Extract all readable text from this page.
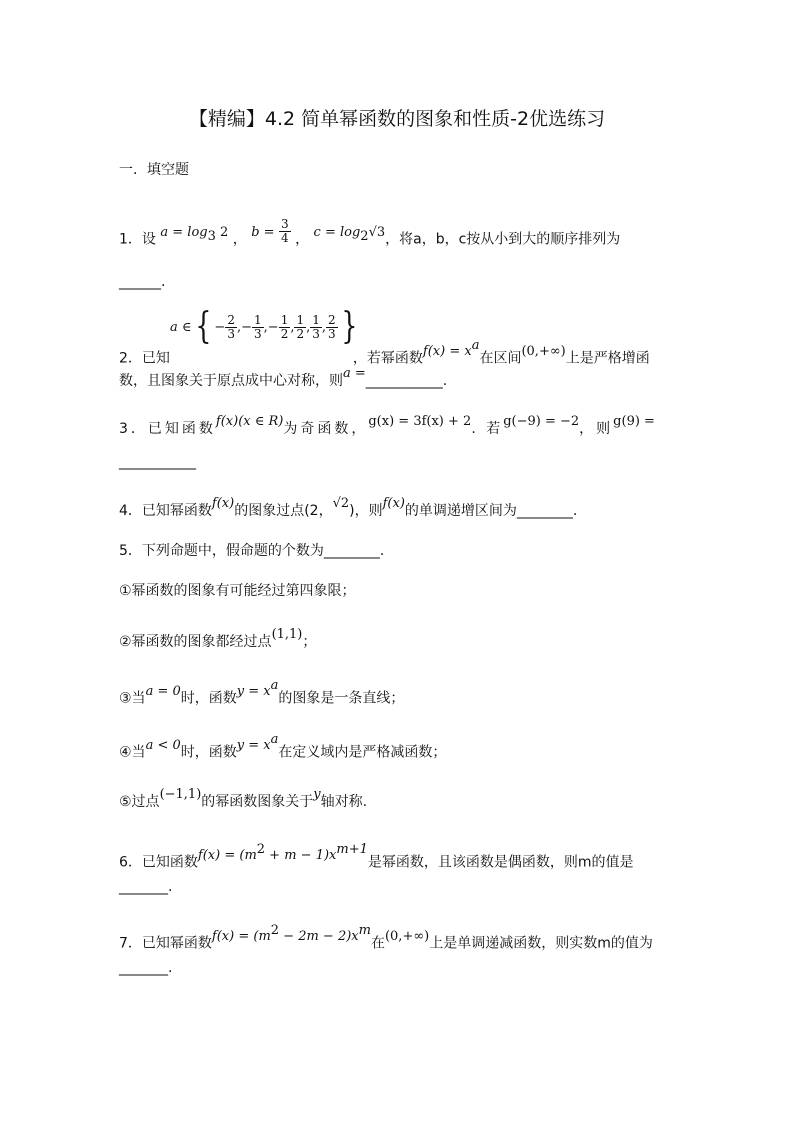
【精编】4.2 简单幂函数的图象和性质-2优选练习
一．填空题
1．设 $a = \log_3 2$ ， $b = \frac{3}{4}$ ， $c = \log_2√3$，将a，b，c按从小到大的顺序排列为
______.
a ∈{ − $\frac{2}{3}$ ,− $\frac{1}{3}$ ,− $\frac{1}{2}$ , $\frac{1}{2}$ , $\frac{1}{3}$ , $\frac{2}{3}$ }
2．已知	，若幂函数$f(x) = x^a$在区间(0,+∞)上是严格增函
数，且图象关于原点成中心对称，则a =___________.
3．已知函数f(x)(x ∈ R)为奇函数，g(x) = 3f(x) + 2. 若g(−9) = −2，则g(9) =
___________
4．已知幂函数f(x)的图象过点(2，√2)，则f(x)的单调递增区间为________.
5．下列命题中，假命题的个数为________.
①幂函数的图象有可能经过第四象限；
②幂函数的图象都经过点(1,1)；
③当a = 0时，函数$y = x^a$的图象是一条直线；
④当a < 0时，函数$y = x^a$在定义域内是严格减函数；
⑤过点(−1,1)的幂函数图象关于y轴对称.
6．已知函数$f(x) = (m^2 + m - 1)x^{m+1}$是幂函数，且该函数是偶函数，则m的值是
_______.
7．已知幂函数$f(x) = (m^2 - 2m - 2)x^m$在(0,+∞)上是单调递减函数，则实数m的值为
_______.
